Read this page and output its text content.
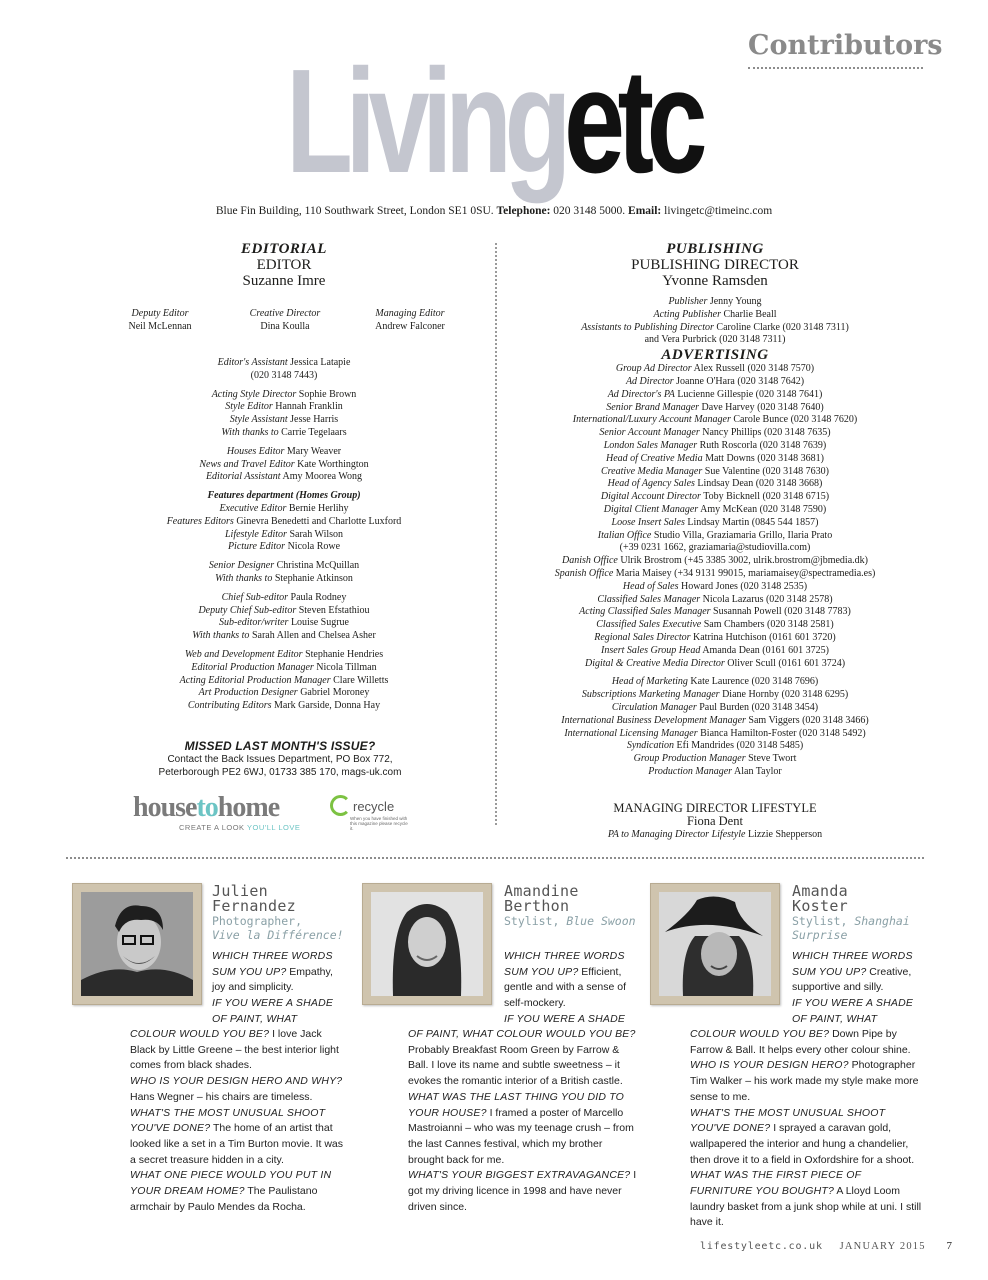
Contributors
Livingetc
Blue Fin Building, 110 Southwark Street, London SE1 0SU. Telephone: 020 3148 5000. Email: livingetc@timeinc.com
EDITORIAL
EDITOR
Suzanne Imre
Deputy Editor
Neil McLennan
Creative Director
Dina Koulla
Managing Editor
Andrew Falconer
Editor's Assistant Jessica Latapie
(020 3148 7443)
Acting Style Director Sophie Brown
Style Editor Hannah Franklin
Style Assistant Jesse Harris
With thanks to Carrie Tegelaars
Houses Editor Mary Weaver
News and Travel Editor Kate Worthington
Editorial Assistant Amy Moorea Wong
Features department (Homes Group)
Executive Editor Bernie Herlihy
Features Editors Ginevra Benedetti and Charlotte Luxford
Lifestyle Editor Sarah Wilson
Picture Editor Nicola Rowe
Senior Designer Christina McQuillan
With thanks to Stephanie Atkinson
Chief Sub-editor Paula Rodney
Deputy Chief Sub-editor Steven Efstathiou
Sub-editor/writer Louise Sugrue
With thanks to Sarah Allen and Chelsea Asher
Web and Development Editor Stephanie Hendries
Editorial Production Manager Nicola Tillman
Acting Editorial Production Manager Clare Willetts
Art Production Designer Gabriel Moroney
Contributing Editors Mark Garside, Donna Hay
MISSED LAST MONTH'S ISSUE?
Contact the Back Issues Department, PO Box 772,
Peterborough PE2 6WJ, 01733 385 170, mags-uk.com
housetohome
CREATE A LOOK YOU'LL LOVE
recycle
When you have finished with this magazine please recycle it.
PUBLISHING
PUBLISHING DIRECTOR
Yvonne Ramsden
Publisher Jenny Young
Acting Publisher Charlie Beall
Assistants to Publishing Director Caroline Clarke (020 3148 7311)
and Vera Purbrick (020 3148 7311)
ADVERTISING
Group Ad Director Alex Russell (020 3148 7570)
Ad Director Joanne O'Hara (020 3148 7642)
Ad Director's PA Lucienne Gillespie (020 3148 7641)
Senior Brand Manager Dave Harvey (020 3148 7640)
International/Luxury Account Manager Carole Bunce (020 3148 7620)
Senior Account Manager Nancy Phillips (020 3148 7635)
London Sales Manager Ruth Roscorla (020 3148 7639)
Head of Creative Media Matt Downs (020 3148 3681)
Creative Media Manager Sue Valentine (020 3148 7630)
Head of Agency Sales Lindsay Dean (020 3148 3668)
Digital Account Director Toby Bicknell (020 3148 6715)
Digital Client Manager Amy McKean (020 3148 7590)
Loose Insert Sales Lindsay Martin (0845 544 1857)
Italian Office Studio Villa, Graziamaria Grillo, Ilaria Prato
(+39 0231 1662, graziamaria@studiovilla.com)
Danish Office Ulrik Brostrom (+45 3385 3002, ulrik.brostrom@jbmedia.dk)
Spanish Office Maria Maisey (+34 9131 99015, mariamaisey@spectramedia.es)
Head of Sales Howard Jones (020 3148 2535)
Classified Sales Manager Nicola Lazarus (020 3148 2578)
Acting Classified Sales Manager Susannah Powell (020 3148 7783)
Classified Sales Executive Sam Chambers (020 3148 2581)
Regional Sales Director Katrina Hutchison (0161 601 3720)
Insert Sales Group Head Amanda Dean (0161 601 3725)
Digital & Creative Media Director Oliver Scull (0161 601 3724)
Head of Marketing Kate Laurence (020 3148 7696)
Subscriptions Marketing Manager Diane Hornby (020 3148 6295)
Circulation Manager Paul Burden (020 3148 3454)
International Business Development Manager Sam Viggers (020 3148 3466)
International Licensing Manager Bianca Hamilton-Foster (020 3148 5492)
Syndication Efi Mandrides (020 3148 5485)
Group Production Manager Steve Twort
Production Manager Alan Taylor
MANAGING DIRECTOR LIFESTYLE
Fiona Dent
PA to Managing Director Lifestyle Lizzie Shepperson
Julien
Fernandez
Photographer,
Vive la Différence!
Amandine
Berthon
Stylist, Blue Swoon
Amanda
Koster
Stylist, Shanghai Surprise
WHICH THREE WORDS SUM YOU UP? Empathy, joy and simplicity.
IF YOU WERE A SHADE OF PAINT, WHAT
COLOUR WOULD YOU BE? I love Jack Black by Little Greene – the best interior light comes from black shades.
WHO IS YOUR DESIGN HERO AND WHY? Hans Wegner – his chairs are timeless.
WHAT'S THE MOST UNUSUAL SHOOT YOU'VE DONE? The home of an artist that looked like a set in a Tim Burton movie. It was a secret treasure hidden in a city.
WHAT ONE PIECE WOULD YOU PUT IN YOUR DREAM HOME? The Paulistano armchair by Paulo Mendes da Rocha.
WHICH THREE WORDS SUM YOU UP? Efficient, gentle and with a sense of self-mockery.
IF YOU WERE A SHADE
OF PAINT, WHAT COLOUR WOULD YOU BE? Probably Breakfast Room Green by Farrow & Ball. I love its name and subtle sweetness – it evokes the romantic interior of a British castle.
WHAT WAS THE LAST THING YOU DID TO YOUR HOUSE? I framed a poster of Marcello Mastroianni – who was my teenage crush – from the last Cannes festival, which my brother brought back for me.
WHAT'S YOUR BIGGEST EXTRAVAGANCE? I got my driving licence in 1998 and have never driven since.
WHICH THREE WORDS SUM YOU UP? Creative, supportive and silly.
IF YOU WERE A SHADE OF PAINT, WHAT
COLOUR WOULD YOU BE? Down Pipe by Farrow & Ball. It helps every other colour shine.
WHO IS YOUR DESIGN HERO? Photographer Tim Walker – his work made my style make more sense to me.
WHAT'S THE MOST UNUSUAL SHOOT YOU'VE DONE? I sprayed a caravan gold, wallpapered the interior and hung a chandelier, then drove it to a field in Oxfordshire for a shoot.
WHAT WAS THE FIRST PIECE OF FURNITURE YOU BOUGHT? A Lloyd Loom laundry basket from a junk shop while at uni. I still have it.
lifestyleetc.co.uk JANUARY 2015 7
